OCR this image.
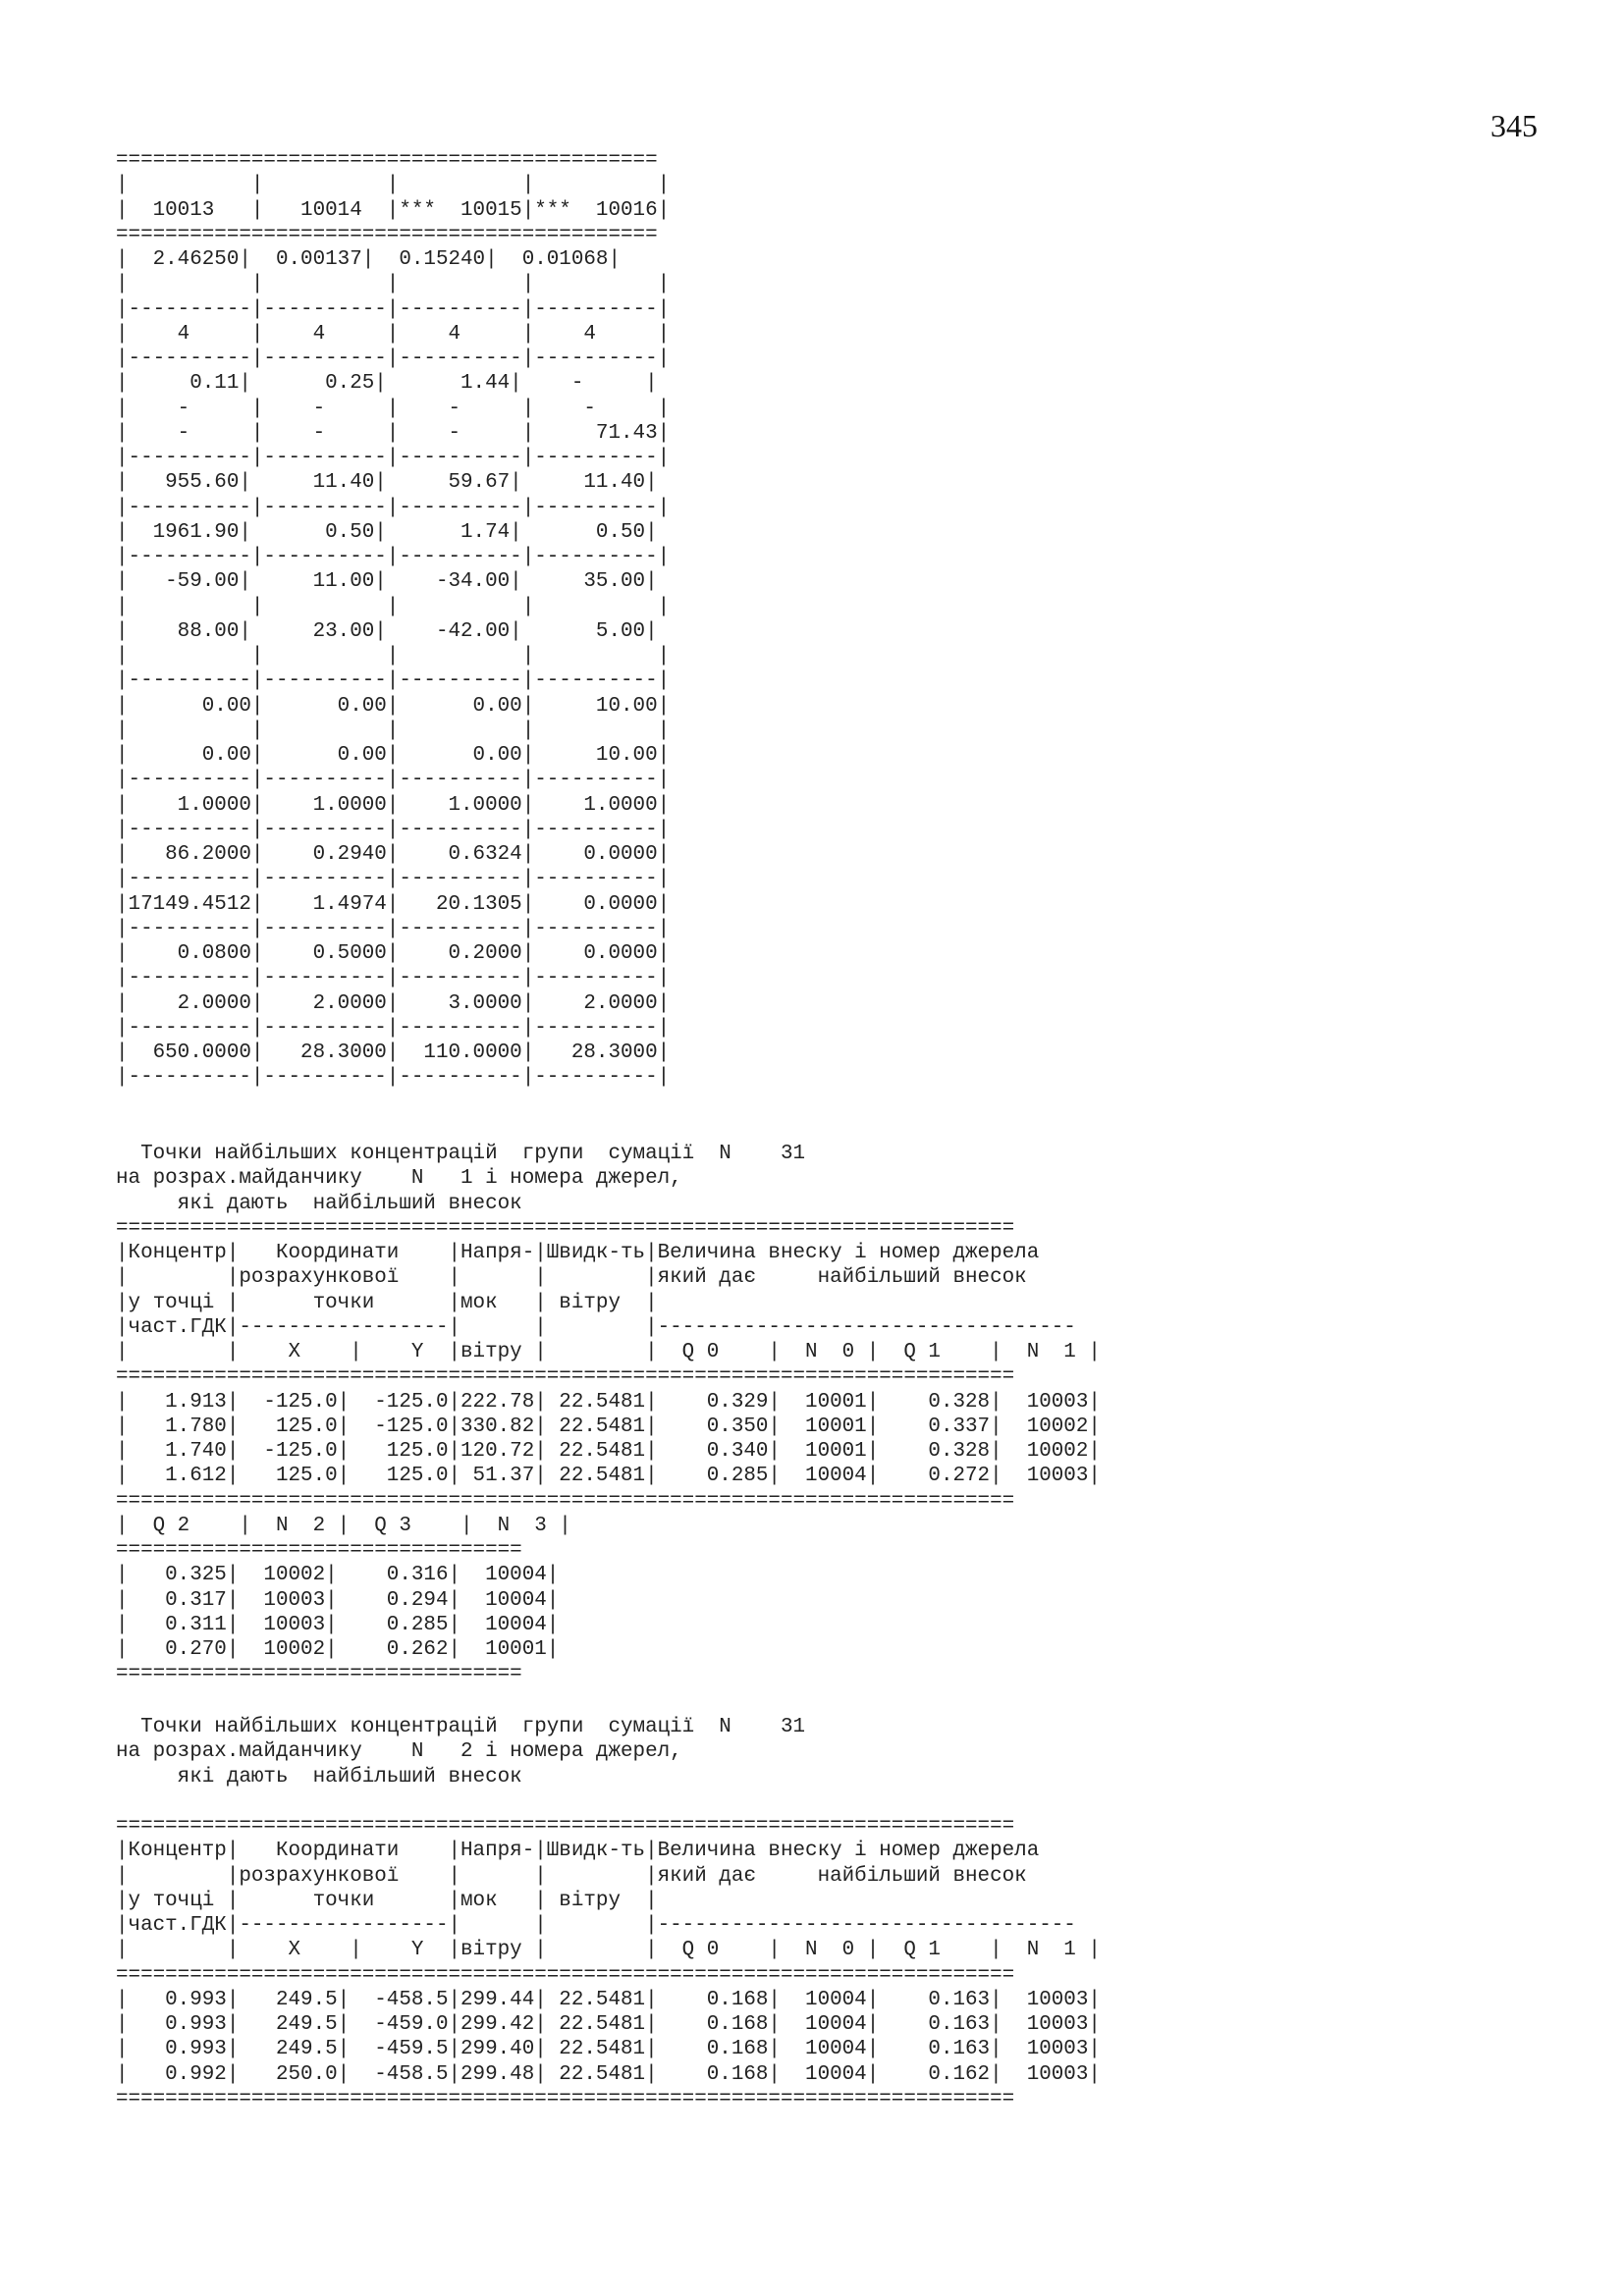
345
============================================
|          |          |          |          |
|  10013   |   10014  |***  10015|***  10016|
============================================
|  2.46250|  0.00137|  0.15240|  0.01068|
|          |          |          |          |
|----------|----------|----------|----------|
|    4     |    4     |    4     |    4     |
|----------|----------|----------|----------|
|     0.11|      0.25|      1.44|    -     |
|    -     |    -     |    -     |    -     |
|    -     |    -     |    -     |     71.43|
|----------|----------|----------|----------|
|   955.60|     11.40|     59.67|     11.40|
|----------|----------|----------|----------|
|  1961.90|      0.50|      1.74|      0.50|
|----------|----------|----------|----------|
|   -59.00|     11.00|    -34.00|     35.00|
|          |          |          |          |
|    88.00|     23.00|    -42.00|      5.00|
|          |          |          |          |
|----------|----------|----------|----------|
|      0.00|      0.00|      0.00|     10.00|
|          |          |          |          |
|      0.00|      0.00|      0.00|     10.00|
|----------|----------|----------|----------|
|    1.0000|    1.0000|    1.0000|    1.0000|
|----------|----------|----------|----------|
|   86.2000|    0.2940|    0.6324|    0.0000|
|----------|----------|----------|----------|
|17149.4512|    1.4974|   20.1305|    0.0000|
|----------|----------|----------|----------|
|    0.0800|    0.5000|    0.2000|    0.0000|
|----------|----------|----------|----------|
|    2.0000|    2.0000|    3.0000|    2.0000|
|----------|----------|----------|----------|
|  650.0000|   28.3000|  110.0000|   28.3000|
|----------|----------|----------|----------|
Точки найбільших концентрацій  групи  сумації  N    31
на розрах.майданчику    N   1 і номера джерел,
які дають  найбільший внесок
=========================================================================
|Концентр|   Координати    |Напря-|Швидк-ть|Величина внеску і номер джерела
|        |розрахункової    |      |        |який дає     найбільший внесок
|у точці |      точки      |мок   | вітру  |
|част.ГДК|-----------------|      |        |----------------------------------
|        |    X    |    Y  |вітру |        |  Q 0    |  N  0 |  Q 1    |  N  1 |
=========================================================================
|   1.913|  -125.0|  -125.0|222.78| 22.5481|    0.329|  10001|    0.328|  10003|
|   1.780|   125.0|  -125.0|330.82| 22.5481|    0.350|  10001|    0.337|  10002|
|   1.740|  -125.0|   125.0|120.72| 22.5481|    0.340|  10001|    0.328|  10002|
|   1.612|   125.0|   125.0| 51.37| 22.5481|    0.285|  10004|    0.272|  10003|
=========================================================================
|  Q 2    |  N  2 |  Q 3    |  N  3 |
=================================
|   0.325|  10002|    0.316|  10004|
|   0.317|  10003|    0.294|  10004|
|   0.311|  10003|    0.285|  10004|
|   0.270|  10002|    0.262|  10001|
=================================
Точки найбільших концентрацій  групи  сумації  N    31
на розрах.майданчику    N   2 і номера джерел,
які дають  найбільший внесок

=========================================================================
|Концентр|   Координати    |Напря-|Швидк-ть|Величина внеску і номер джерела
|        |розрахункової    |      |        |який дає     найбільший внесок
|у точці |      точки      |мок   | вітру  |
|част.ГДК|-----------------|      |        |----------------------------------
|        |    X    |    Y  |вітру |        |  Q 0    |  N  0 |  Q 1    |  N  1 |
=========================================================================
|   0.993|   249.5|  -458.5|299.44| 22.5481|    0.168|  10004|    0.163|  10003|
|   0.993|   249.5|  -459.0|299.42| 22.5481|    0.168|  10004|    0.163|  10003|
|   0.993|   249.5|  -459.5|299.40| 22.5481|    0.168|  10004|    0.163|  10003|
|   0.992|   250.0|  -458.5|299.48| 22.5481|    0.168|  10004|    0.162|  10003|
=========================================================================
